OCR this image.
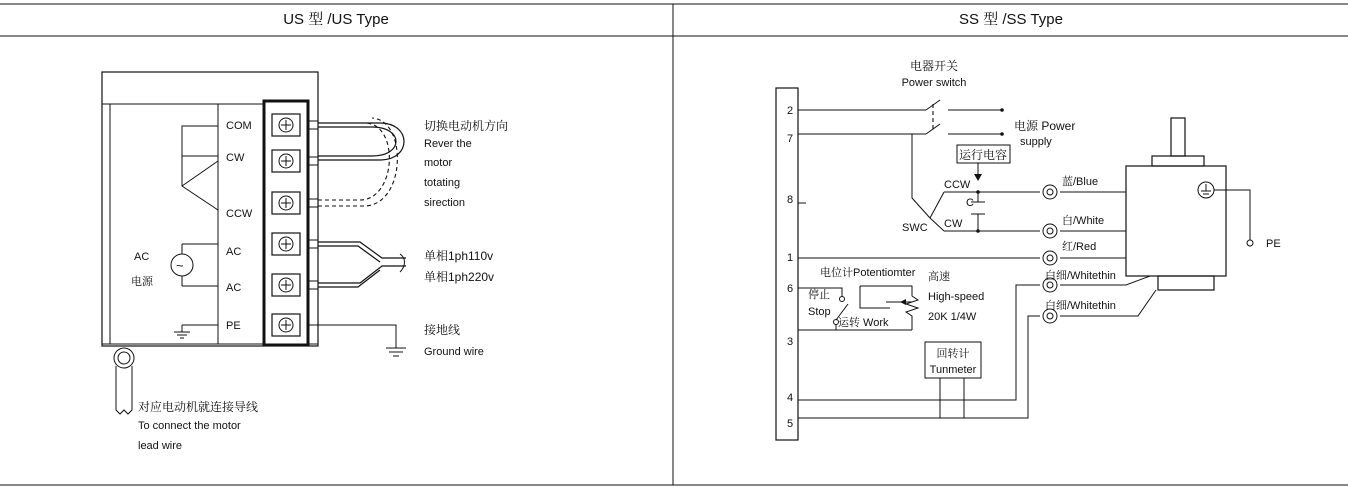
US 型 /US Type	SS 型 /SS Type
COM
CW
CCW
AC
AC
PE
~
AC
电源
切换电动机方向
Rever the
motor
totating
sirection
单相1ph110v
单相1ph220v
接地线
Ground wire
对应电动机就连接导线
To connect the motor
lead wire
2
7
8
1
6
3
4
5
电器开关
Power switch
电源 Power
supply
运行电容
CCW
C
CW
SWC
蓝/Blue
白/White
红/Red
白细/Whitethin
白细/Whitethin
PE
电位计Potentiomter 高速
High-speed
20K 1/4W
停止
Stop
运转 Work
回转计
Tunmeter
